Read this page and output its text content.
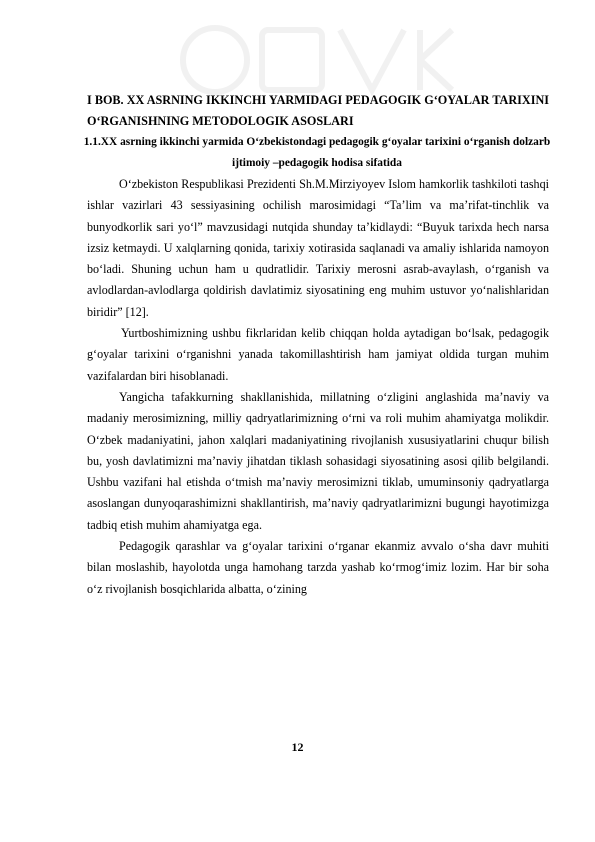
I BOB. XX ASRNING IKKINCHI YARMIDAGI PEDAGOGIK G‘OYALAR TARIXINI O‘RGANISHNING METODOLOGIK ASOSLARI
1.1.XX asrning ikkinchi yarmida O‘zbekistondagi pedagogik g‘oyalar tarixini o‘rganish dolzarb ijtimoiy –pedagogik hodisa sifatida

O‘zbekiston Respublikasi Prezidenti Sh.M.Mirziyoyev Islom hamkorlik tashkiloti tashqi ishlar vazirlari 43 sessiyasining ochilish marosimidagi “Ta’lim va ma’rifat-tinchlik va bunyodkorlik sari yo‘l” mavzusidagi nutqida shunday ta’kidlaydi: “Buyuk tarixda hech narsa izsiz ketmaydi. U xalqlarning qonida, tarixiy xotirasida saqlanadi va amaliy ishlarida namoyon bo‘ladi. Shuning uchun ham u qudratlidir. Tarixiy merosni asrab-avaylash, o‘rganish va avlodlardan-avlodlarga qoldirish davlatimiz siyosatining eng muhim ustuvor yo‘nalishlaridan biridir” [12].

Yurtboshimizning ushbu fikrlaridan kelib chiqqan holda aytadigan bo‘lsak, pedagogik g‘oyalar tarixini o‘rganishni yanada takomillashtirish ham jamiyat oldida turgan muhim vazifalardan biri hisoblanadi.

Yangicha tafakkurning shakllanishida, millatning o‘zligini anglashida ma’naviy va madaniy merosimizning, milliy qadryatlarimizning o‘rni va roli muhim ahamiyatga molikdir. O‘zbek madaniyatini, jahon xalqlari madaniyatining rivojlanish xususiyatlarini chuqur bilish bu, yosh davlatimizni ma’naviy jihatdan tiklash sohasidagi siyosatining asosi qilib belgilandi. Ushbu vazifani hal etishda o‘tmish ma’naviy merosimizni tiklab, umuminsoniy qadryatlarga asoslangan dunyoqarashimizni shakllantirish, ma’naviy qadryatlarimizni bugungi hayotimizga tadbiq etish muhim ahamiyatga ega.

Pedagogik qarashlar va g‘oyalar tarixini o‘rganar ekanmiz avvalo o‘sha davr muhiti bilan moslashib, hayolotda unga hamohang tarzda yashab ko‘rmog‘imiz lozim. Har bir soha o‘z rivojlanish bosqichlarida albatta, o‘zining

12
